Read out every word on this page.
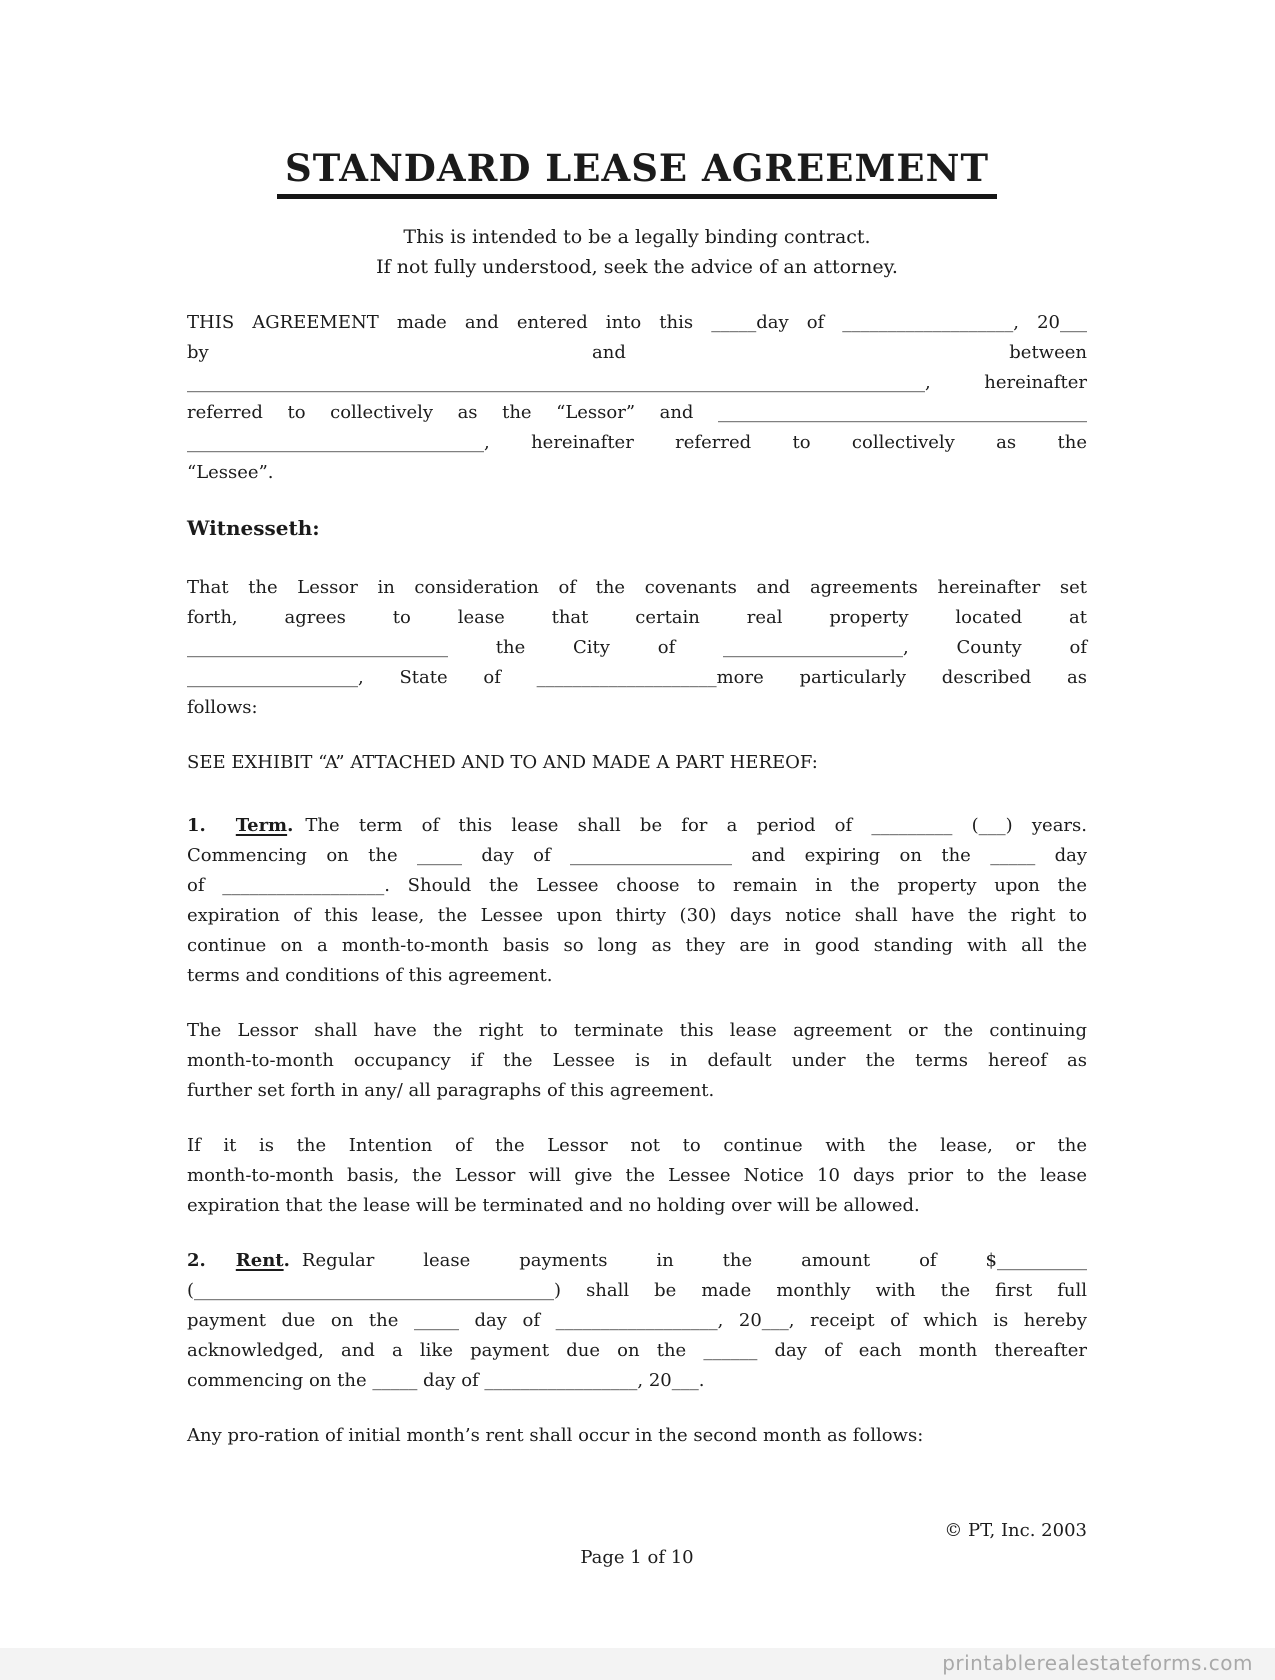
STANDARD LEASE AGREEMENT
This is intended to be a legally binding contract.
If not fully understood, seek the advice of an attorney.
THIS AGREEMENT made and entered into this _____day of ___________________, 20___
by and between
__________________________________________________________________________________, hereinafter
referred to collectively as the “Lessor” and _________________________________________
_________________________________, hereinafter referred to collectively as the
“Lessee”.
Witnesseth:
That the Lessor in consideration of the covenants and agreements hereinafter set
forth, agrees to lease that certain real property located at
_____________________________ the City of ____________________, County of
___________________, State of ____________________more particularly described as
follows:
SEE EXHIBIT “A” ATTACHED AND TO AND MADE A PART HEREOF:
1. Term. The term of this lease shall be for a period of _________ (___) years.
Commencing on the _____ day of __________________ and expiring on the _____ day
of __________________. Should the Lessee choose to remain in the property upon the
expiration of this lease, the Lessee upon thirty (30) days notice shall have the right to
continue on a month-to-month basis so long as they are in good standing with all the
terms and conditions of this agreement.
The Lessor shall have the right to terminate this lease agreement or the continuing
month-to-month occupancy if the Lessee is in default under the terms hereof as
further set forth in any/ all paragraphs of this agreement.
If it is the Intention of the Lessor not to continue with the lease, or the
month-to-month basis, the Lessor will give the Lessee Notice 10 days prior to the lease
expiration that the lease will be terminated and no holding over will be allowed.
2. Rent. Regular lease payments in the amount of $__________
(________________________________________) shall be made monthly with the first full
payment due on the _____ day of __________________, 20___, receipt of which is hereby
acknowledged, and a like payment due on the ______ day of each month thereafter
commencing on the _____ day of _________________, 20___.
Any pro-ration of initial month’s rent shall occur in the second month as follows:
© PT, Inc. 2003
Page 1 of 10
printablerealestateforms.com
